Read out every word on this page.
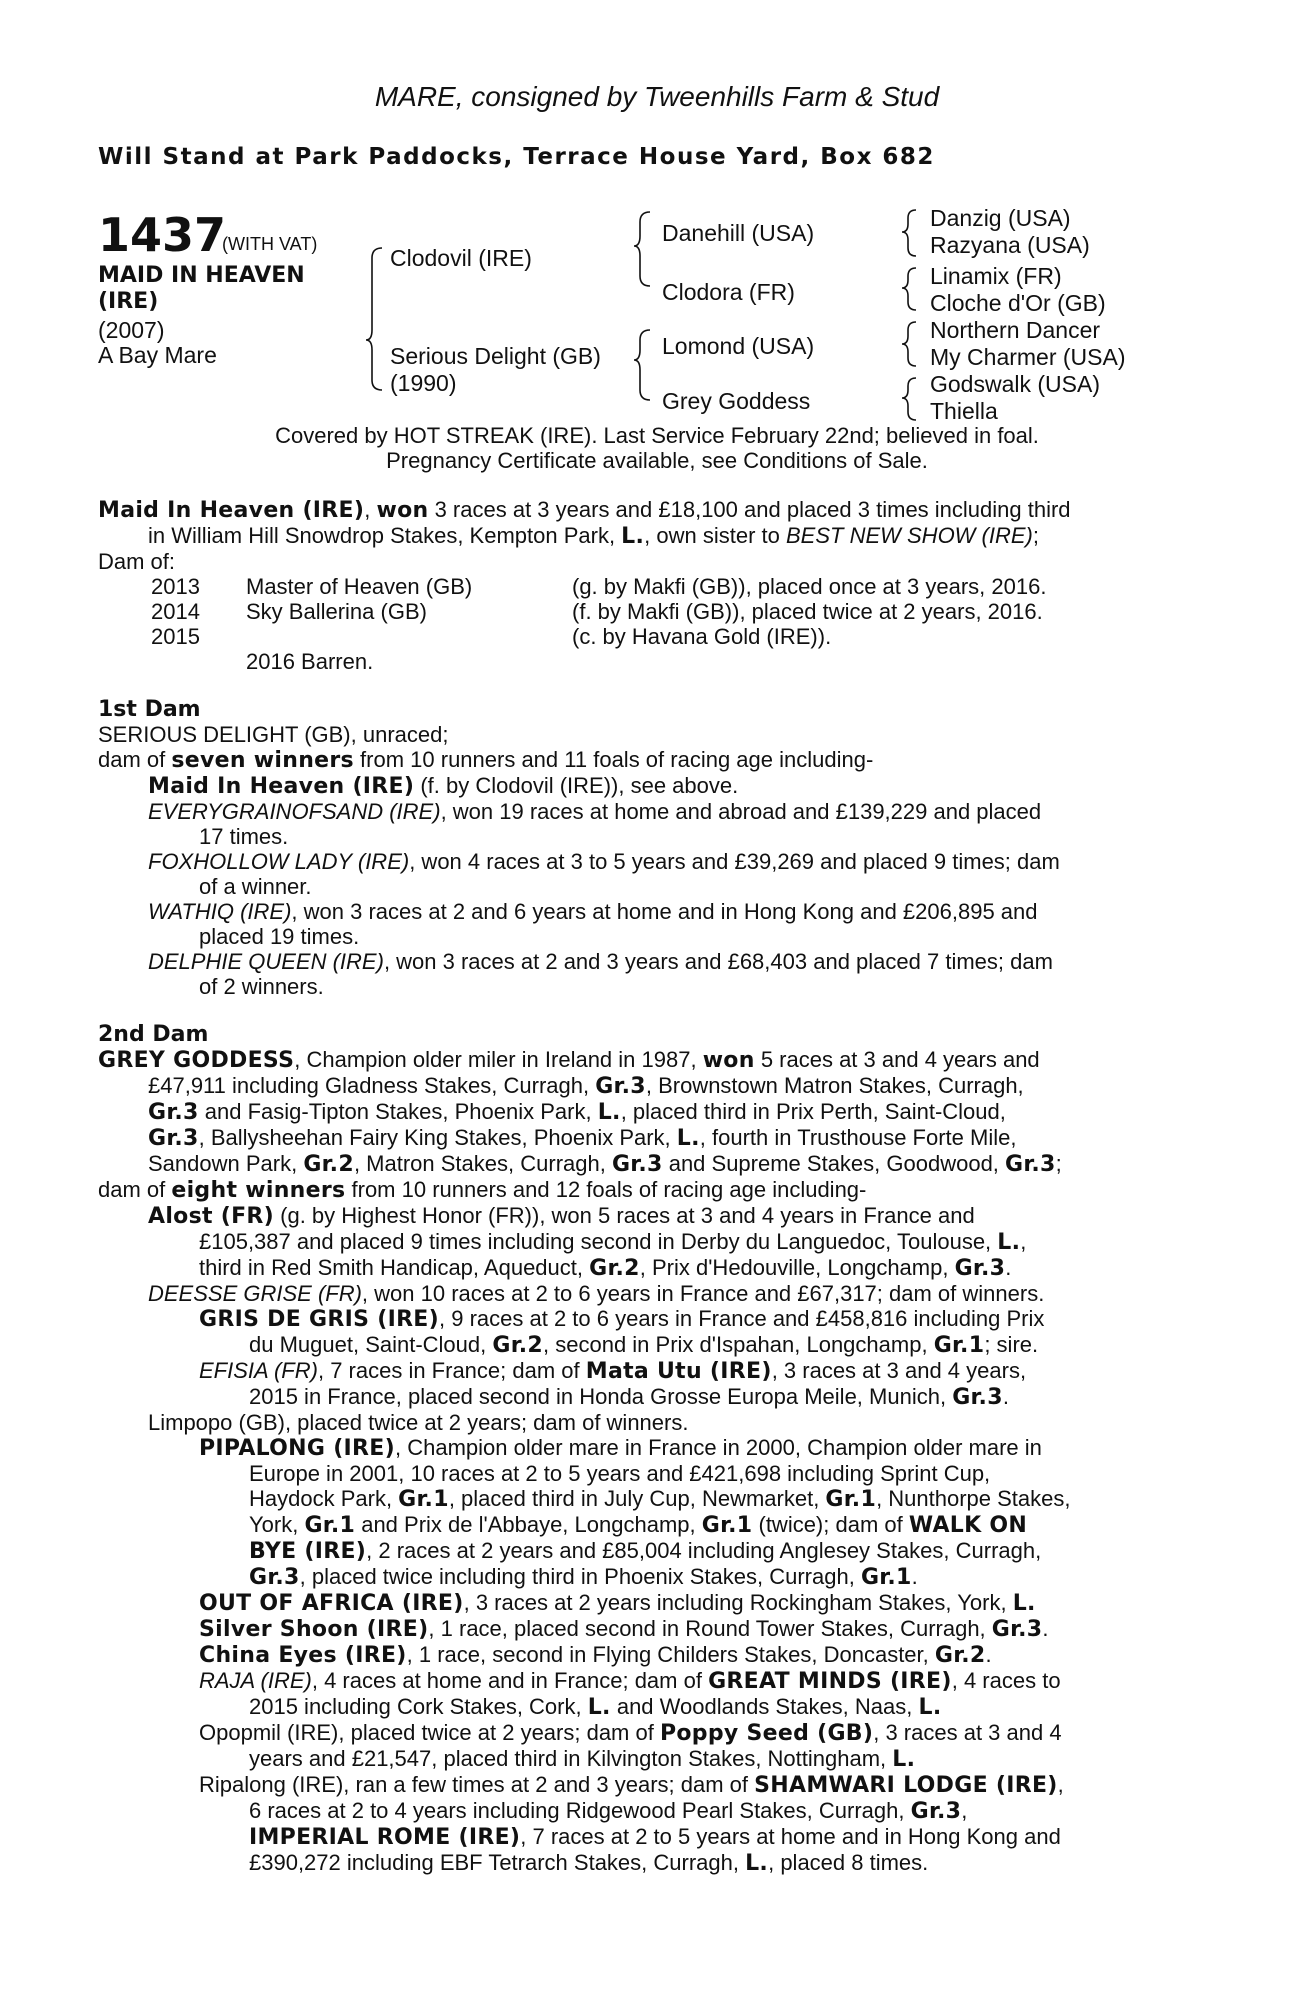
MARE, consigned by Tweenhills Farm & Stud
Will Stand at Park Paddocks, Terrace House Yard, Box 682
1437
(WITH VAT)
MAID IN HEAVEN (IRE)
(2007)
A Bay Mare
Clodovil (IRE)
Serious Delight (GB)
(1990)
Danehill (USA)
Clodora (FR)
Lomond (USA)
Grey Goddess
Danzig (USA)
Razyana (USA)
Linamix (FR)
Cloche d'Or (GB)
Northern Dancer
My Charmer (USA)
Godswalk (USA)
Thiella
Covered by HOT STREAK (IRE). Last Service February 22nd; believed in foal.
Pregnancy Certificate available, see Conditions of Sale.
Maid In Heaven (IRE), won 3 races at 3 years and £18,100 and placed 3 times including third
in William Hill Snowdrop Stakes, Kempton Park, L., own sister to BEST NEW SHOW (IRE);
Dam of:
2013 Master of Heaven (GB)	(g. by Makfi (GB)), placed once at 3 years, 2016.
2014 Sky Ballerina (GB)	(f. by Makfi (GB)), placed twice at 2 years, 2016.
2015	(c. by Havana Gold (IRE)).
2016 Barren.
1st Dam
SERIOUS DELIGHT (GB), unraced;
dam of seven winners from 10 runners and 11 foals of racing age including-
Maid In Heaven (IRE) (f. by Clodovil (IRE)), see above.
EVERYGRAINOFSAND (IRE), won 19 races at home and abroad and £139,229 and placed
17 times.
FOXHOLLOW LADY (IRE), won 4 races at 3 to 5 years and £39,269 and placed 9 times; dam
of a winner.
WATHIQ (IRE), won 3 races at 2 and 6 years at home and in Hong Kong and £206,895 and
placed 19 times.
DELPHIE QUEEN (IRE), won 3 races at 2 and 3 years and £68,403 and placed 7 times; dam
of 2 winners.
2nd Dam
GREY GODDESS, Champion older miler in Ireland in 1987, won 5 races at 3 and 4 years and
£47,911 including Gladness Stakes, Curragh, Gr.3, Brownstown Matron Stakes, Curragh,
Gr.3 and Fasig-Tipton Stakes, Phoenix Park, L., placed third in Prix Perth, Saint-Cloud,
Gr.3, Ballysheehan Fairy King Stakes, Phoenix Park, L., fourth in Trusthouse Forte Mile,
Sandown Park, Gr.2, Matron Stakes, Curragh, Gr.3 and Supreme Stakes, Goodwood, Gr.3;
dam of eight winners from 10 runners and 12 foals of racing age including-
Alost (FR) (g. by Highest Honor (FR)), won 5 races at 3 and 4 years in France and
£105,387 and placed 9 times including second in Derby du Languedoc, Toulouse, L.,
third in Red Smith Handicap, Aqueduct, Gr.2, Prix d'Hedouville, Longchamp, Gr.3.
DEESSE GRISE (FR), won 10 races at 2 to 6 years in France and £67,317; dam of winners.
GRIS DE GRIS (IRE), 9 races at 2 to 6 years in France and £458,816 including Prix
du Muguet, Saint-Cloud, Gr.2, second in Prix d'Ispahan, Longchamp, Gr.1; sire.
EFISIA (FR), 7 races in France; dam of Mata Utu (IRE), 3 races at 3 and 4 years,
2015 in France, placed second in Honda Grosse Europa Meile, Munich, Gr.3.
Limpopo (GB), placed twice at 2 years; dam of winners.
PIPALONG (IRE), Champion older mare in France in 2000, Champion older mare in
Europe in 2001, 10 races at 2 to 5 years and £421,698 including Sprint Cup,
Haydock Park, Gr.1, placed third in July Cup, Newmarket, Gr.1, Nunthorpe Stakes,
York, Gr.1 and Prix de l'Abbaye, Longchamp, Gr.1 (twice); dam of WALK ON
BYE (IRE), 2 races at 2 years and £85,004 including Anglesey Stakes, Curragh,
Gr.3, placed twice including third in Phoenix Stakes, Curragh, Gr.1.
OUT OF AFRICA (IRE), 3 races at 2 years including Rockingham Stakes, York, L.
Silver Shoon (IRE), 1 race, placed second in Round Tower Stakes, Curragh, Gr.3.
China Eyes (IRE), 1 race, second in Flying Childers Stakes, Doncaster, Gr.2.
RAJA (IRE), 4 races at home and in France; dam of GREAT MINDS (IRE), 4 races to
2015 including Cork Stakes, Cork, L. and Woodlands Stakes, Naas, L.
Opopmil (IRE), placed twice at 2 years; dam of Poppy Seed (GB), 3 races at 3 and 4
years and £21,547, placed third in Kilvington Stakes, Nottingham, L.
Ripalong (IRE), ran a few times at 2 and 3 years; dam of SHAMWARI LODGE (IRE),
6 races at 2 to 4 years including Ridgewood Pearl Stakes, Curragh, Gr.3,
IMPERIAL ROME (IRE), 7 races at 2 to 5 years at home and in Hong Kong and
£390,272 including EBF Tetrarch Stakes, Curragh, L., placed 8 times.
